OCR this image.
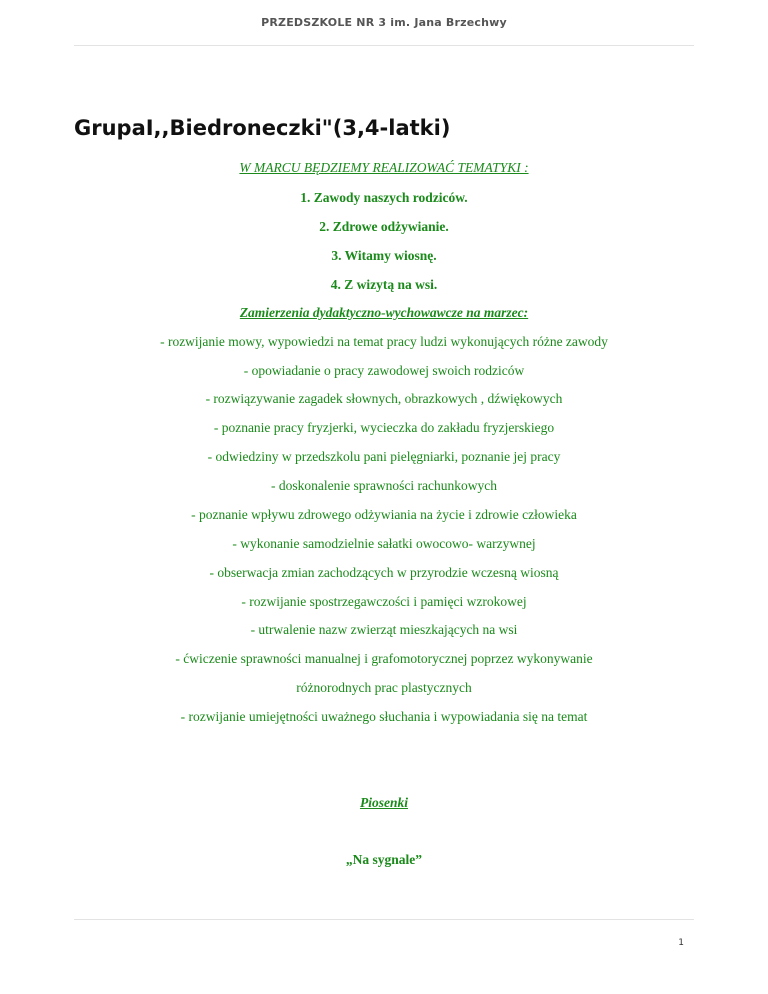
PRZEDSZKOLE NR 3 im. Jana Brzechwy
GrupaI,,Biedroneczki"(3,4-latki)
W MARCU BĘDZIEMY REALIZOWAĆ TEMATYKI :
1. Zawody naszych rodziców.
2. Zdrowe odżywianie.
3. Witamy wiosnę.
4. Z wizytą na wsi.
Zamierzenia dydaktyczno-wychowawcze na marzec:
- rozwijanie mowy, wypowiedzi na temat pracy ludzi wykonujących różne zawody
- opowiadanie o pracy zawodowej swoich rodziców
- rozwiązywanie zagadek słownych, obrazkowych , dźwiękowych
- poznanie pracy fryzjerki, wycieczka do zakładu fryzjerskiego
- odwiedziny w przedszkolu pani pielęgniarki, poznanie jej pracy
- doskonalenie sprawności rachunkowych
- poznanie wpływu zdrowego odżywiania na życie i zdrowie człowieka
- wykonanie samodzielnie sałatki owocowo- warzywnej
- obserwacja zmian zachodzących w przyrodzie wczesną wiosną
- rozwijanie spostrzegawczości i pamięci wzrokowej
- utrwalenie nazw zwierząt mieszkających na wsi
- ćwiczenie sprawności manualnej i grafomotorycznej poprzez wykonywanie
różnorodnych prac plastycznych
- rozwijanie umiejętności uważnego słuchania i wypowiadania się na temat
Piosenki
„Na sygnale”
1
